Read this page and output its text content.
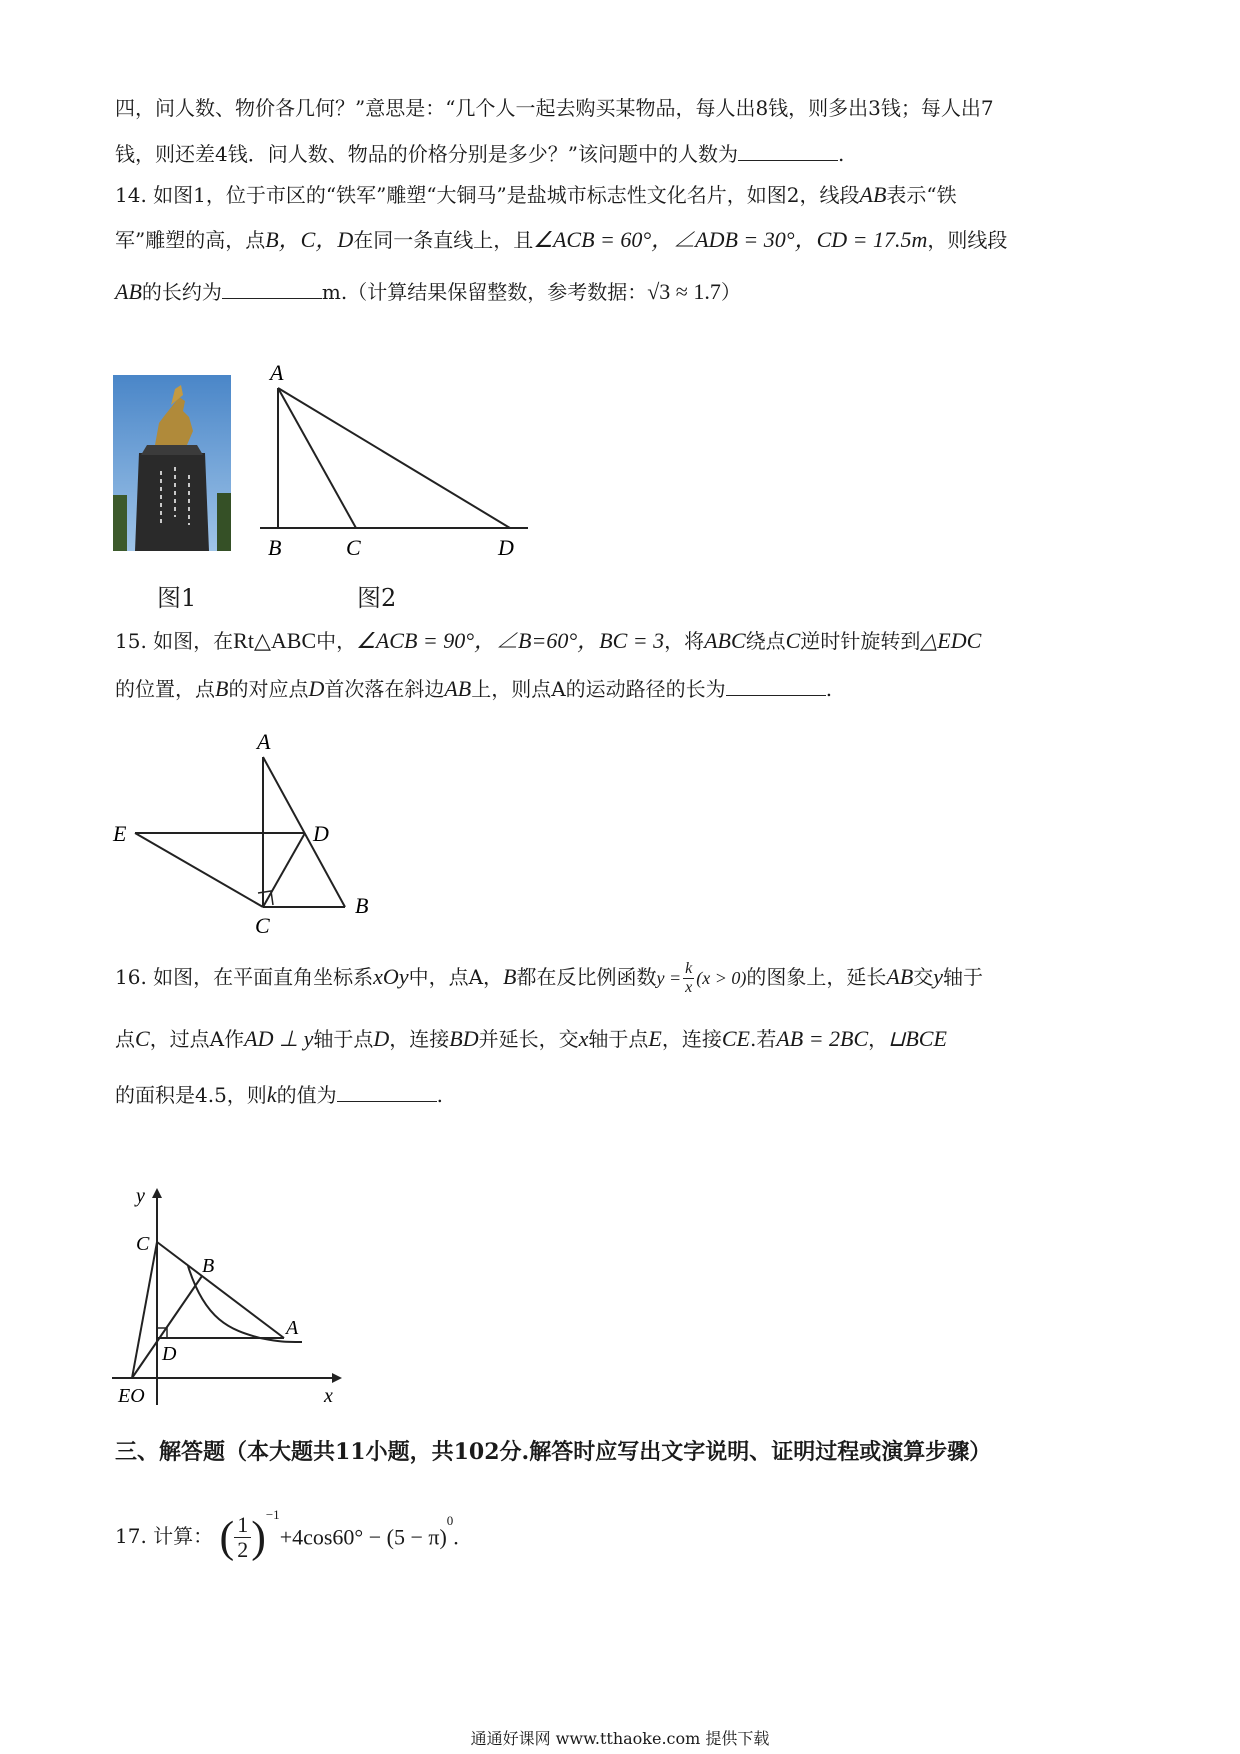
四，问人数、物价各几何？”意思是：“几个人一起去购买某物品，每人出8钱，则多出3钱；每人出7
钱，则还差4钱．问人数、物品的价格分别是多少？”该问题中的人数为	.
14. 如图1，位于市区的“铁军”雕塑“大铜马”是盐城市标志性文化名片，如图2，线段AB表示“铁
军”雕塑的高，点B，C，D在同一条直线上，且∠ACB = 60°，∠ADB = 30°，CD = 17.5m，则线段
AB的长约为	m.（计算结果保留整数，参考数据：√3 ≈ 1.7）
A
B	C	D
图1	图2
15. 如图，在Rt△ABC中，∠ACB = 90°，∠B=60°，BC = 3，将ABC绕点C逆时针旋转到△EDC
的位置，点B的对应点D首次落在斜边AB上，则点A的运动路径的长为	.
A
E	D
B
C
16. 如图，在平面直角坐标系xOy中，点A，B都在反比例函数$y = \frac{k}{x} (x > 0)$的图象上，延长AB交y轴于
点C，过点A作AD ⊥ y轴于点D，连接BD并延长，交x轴于点E，连接CE.若AB = 2BC，⊔BCE
的面积是4.5，则k的值为	.
y
x
C
B
A
D
EO
三、解答题（本大题共11小题，共102分.解答时应写出文字说明、证明过程或演算步骤）
17. 计算： ( $\frac{1}{2} )^{-1}+4\cos 60^\circ - (5 - \pi)^0$.
通通好课网 www.tthaoke.com 提供下载
